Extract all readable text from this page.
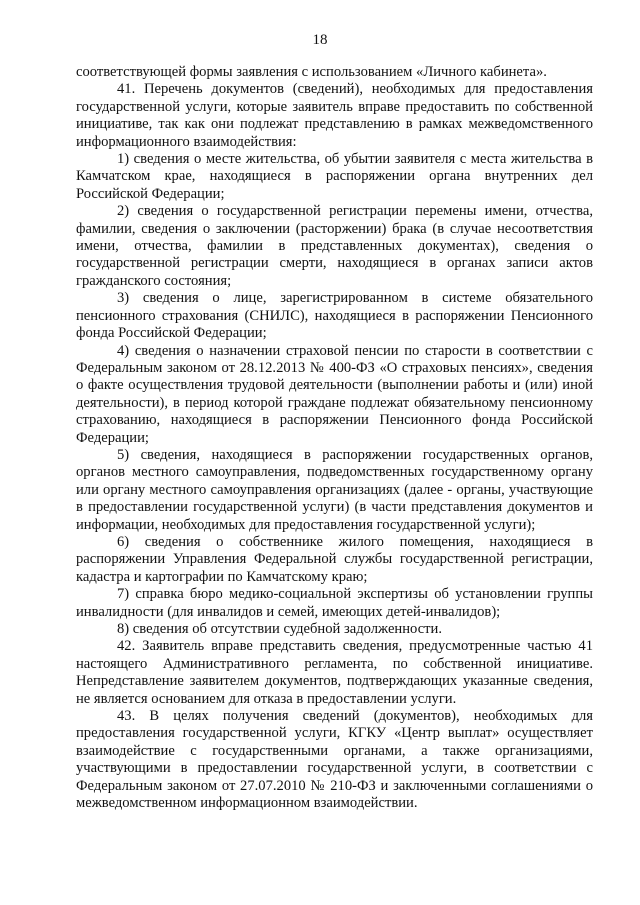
18

соответствующей формы заявления с использованием «Личного кабинета».

41. Перечень документов (сведений), необходимых для предоставления государственной услуги, которые заявитель вправе предоставить по собственной инициативе, так как они подлежат представлению в рамках межведомственного информационного взаимодействия:

1) сведения о месте жительства, об убытии заявителя с места жительства в Камчатском крае, находящиеся в распоряжении органа внутренних дел Российской Федерации;

2) сведения о государственной регистрации перемены имени, отчества, фамилии, сведения о заключении (расторжении) брака (в случае несоответствия имени, отчества, фамилии в представленных документах), сведения о государственной регистрации смерти, находящиеся в органах записи актов гражданского состояния;

3) сведения о лице, зарегистрированном в системе обязательного пенсионного страхования (СНИЛС), находящиеся в распоряжении Пенсионного фонда Российской Федерации;

4) сведения о назначении страховой пенсии по старости в соответствии с Федеральным законом от 28.12.2013 № 400-ФЗ «О страховых пенсиях», сведения о факте осуществления трудовой деятельности (выполнении работы и (или) иной деятельности), в период которой граждане подлежат обязательному пенсионному страхованию, находящиеся в распоряжении Пенсионного фонда Российской Федерации;

5) сведения, находящиеся в распоряжении государственных органов, органов местного самоуправления, подведомственных государственному органу или органу местного самоуправления организациях (далее - органы, участвующие в предоставлении государственной услуги) (в части представления документов и информации, необходимых для предоставления государственной услуги);

6) сведения о собственнике жилого помещения, находящиеся в распоряжении Управления Федеральной службы государственной регистрации, кадастра и картографии по Камчатскому краю;

7) справка бюро медико-социальной экспертизы об установлении группы инвалидности (для инвалидов и семей, имеющих детей-инвалидов);

8) сведения об отсутствии судебной задолженности.

42. Заявитель вправе представить сведения, предусмотренные частью 41 настоящего Административного регламента, по собственной инициативе. Непредставление заявителем документов, подтверждающих указанные сведения, не является основанием для отказа в предоставлении услуги.

43. В целях получения сведений (документов), необходимых для предоставления государственной услуги, КГКУ «Центр выплат» осуществляет взаимодействие с государственными органами, а также организациями, участвующими в предоставлении государственной услуги, в соответствии с Федеральным законом от 27.07.2010 № 210-ФЗ и заключенными соглашениями о межведомственном информационном взаимодействии.
